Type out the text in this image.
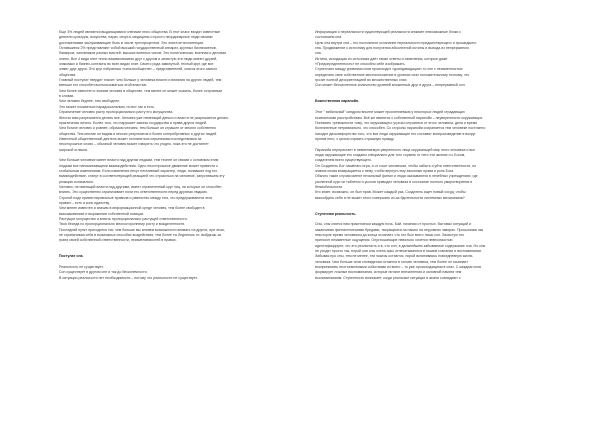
Еще 3% людей являются выдающимися членами этого общества. В этот класс входят известные

деятели культуры, искусства, науки, спорта, медицины и просто неординарные люди своими

достижениями заслуживающие быть в числе трехпроцентов. Это элита интеллигенции.

Оставшиеся 2% представляют собой высший государственный аппарат, крупных бизнесменов,

банкиров, чиновников разных мастей, высших военных чинов. Это политическая, военная и деловая

элиты. Все 4 вида элит тесно взаимосвязаны друг с другом и зачастую эти люди имеют друзей,

знакомых и бизнес-контакты во всех видах элит. Своего рода замкнутый, тесный круг, где все

знают друг друга. Это круг избранных «сильнообществ» – представителей, список этого самого

общества.

Главный постулат твердит гласит: чем больше у человека власти и влияния на других людей, тем

меньше его способен воспользоваться этой властью.

Чем более известен и значим человек в обществе, тем менее он может сказать, более островным

в словах.

Чем человек беднее, тем свободнее.

Это может показаться парадоксальным, но вот так и есть.

Ограничение человек расту пропорционально расту его могущества.

Жестко вам разрешается делать все. Человек уже немеющий деньги и власти не разрешается делать

практически ничего. Более того, что нарушает законы государства и права других людей.

Чем богаче человек и ровнее, образом человек, тем больше он страшен от многих собственно

общества. Тем многие он видим и многих результатов и более контрибутивных и других людей.

Известный общественный деятель может поплатиться серьезными последствиями за

неосторожное слово – обычный человек может говорить что угодно, пока это не достигнет

широкой огласки.

Чем больше человеке имеет власти над другим людьми, тем теснее он связан с основным этим

людьми все напоминающими взаимодействия. Одно неосторожное движение может привести к

глобальным изменениям. Если изменения несут негативный характер, люди, попавшие под его

взаимодействие, станут в соответствующей реакцией что отразиться на человеке, запустившем эту

реакцию изначально.

Человек, не имеющий власти над другими, имеет ограниченный круг лиц, на которых он способен

влиять. Это существенно ограничивает ноли его ответственности перед другими людьми.

Строгий подп примеглировочные правила и равенство между тем, что придерживаются этих

правил – есть и конь единству.

Чем менее известен и значим в информационной среде человек, тем более свободен в

высказываниях и выражении собственной позиции.

Растущие могущество и власть пропорционально растущей ответственности.

Твоя беседа по пропорционально многостороннему росту и вожделенности.

Последний пункт приходится тяк: чем больше мы влияем возможности вливать на других, при этом,

не ограничивая себя в возможных способах воздействия, тем более ты беднеешь то: выйдешь за

грани своей собственной ответственности, неизменяемостей в правах.

Постулат сна.

Реальность не существует.

Сон существует в другом сне и так до бесконечности.

В ситуации реальности нет необходимости – потому что реальности не существует.

Информация о нереальности существующей реальности снимает невозможные блоки с

состоянием сна.

Цель сна внутри сна – это постоянное осознание нереальности предшествующего и прошедшего

сна. Продвижение к источнику для получения абсолютной истины и выхода из непрерывного

сна.

Истина, исходящая из источника даёт также ответы и изменения, которые даже

«Предопределенность» не способно себе изображать.

Ступенчато между уровнями снов происходит «доиндивидация» то сне с неизменностью

определить свое собственное местоположение в уровнях снах положительному точному, что

грозит полной дезориентацией во множественных снах.

Сон может бесчисленное количество уровней вложенных друг в друга – непрерывный сон.

Божественная паранойя.

Этот " вибильный" синдром вполне может просленяемым у некоторых людей страдающих

психическим расстройствам. Всё же имеются с собственной паранойи – неуверенности окружающих.

Понимать тревожности тому, что окружающего угрозы случаются от этого человека, дела и время

болезненные нетривиально, что способен. Со стороны паранойи сохраняется тем человеке постоянно

находит дискомфортство того, что все люди окружающие его составят воспроизведение в вокруг

против него, с целью сорвать страшную правду.

Паранойя перерастает в невменяемую уверенность лица окружающей мир этого человека и все

люди окружающие его созданы специально для того сорвать от него эти жизнях и с Богом,

создателем всего существующего.

Он Создатель Бог нашёнаго игра, и от сошт человеком, чтобы забыть и уйти ответственности, но

знания снова возвращается к нему, чтобы вернуть ему законные права и роль Бога.

Обычно такие случаи имеют печальный финал и люди оказываются в лечебных учреждениях, где

усиленной курс их таблеток и уколов приводят человека в состояние полного умиротворения и

безмобильности.

Кто знает, возможно, он был прав. Может каждый раз, Создатель ищет новый сосуд, чтобы

выскобдить себя и не может этого совершить из-за бдительности системных механизмов?

Ступенная реальность.

Сны, сны снятся нам практически каждую ночь. Бай, начиная от простых, бытовых ситуаций и

заканчивая фантастическими бредами, творящемся на наших на неуровнях эквирах. Просыпаясь мы

некоторое время человеком до конца осознает, что это был всего лишь сон. Зачастую это

приносит незаметные ощущения. Опустошающие невольно хочется невесомостью

идентифицируют, что это реальность и в, что сон, в дальнейшем забываемое содержание сна. Но сны

не уходят просто так, порой они сны очень ярко отпечатываются в нашем сознании и воспоминании.

Забывая про сны, тем не менее, эти эскизы остаются, порой вклиниваясь повседневную жизнь

человека. Чем больше снов сновидения остается в голове человека, тем более он начинает

воспринимать неотъемлемыми событиями из всего – то уже происходящими в снах. С каждым снов

формирует ложные воспоминания, которые питают впечатления и основной памяти тем

воспоминаниям. Ступенность возникает, когда реальные ситуации в жизни совпадают с
